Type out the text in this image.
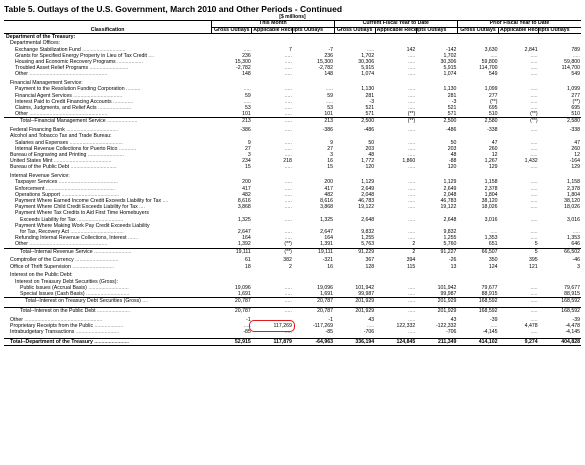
Table 5. Outlays of the U.S. Government, March 2010 and Other Periods - Continued
[$ millions]									
Classification	This Month			Current Fiscal Year to Date			Prior Fiscal Year to Date		
	Gross Outlays	Applicable Receipts	Outlays	Gross Outlays	Applicable Receipts	Outlays	Gross Outlays	Applicable Receipts	Outlays
Department of the Treasury:									
Departmental Offices:									
Exchange Stabilization Fund ..............................	.....	7	-7	.....	142	-142	3,630	2,841	789
Grants for Specified Energy Property in Lieu of Tax Credit ....	236	.....	236	1,702	.....	1,702	.....	.....	.....
Housing and Economic Recovery Programs ..................	15,300	.....	15,300	30,306	.....	30,306	59,800	.....	59,800
Troubled Asset Relief Programs ...........................	-2,782	.....	-2,782	5,915	.....	5,915	114,700	.....	114,700
Other ......................................................	148	.....	148	1,074	.....	1,074	549	.....	549

Financial Management Service:									
Payment to the Resolution Funding Corporation ..........	.....	.....	.....	1,130	.....	1,130	1,099	.....	1,099
Financial Agent Services ..................................	59	.....	59	281	.....	281	277	.....	277
Interest Paid to Credit Financing Accounts ..............	.....	.....	.....	-3	.....	-3	(**)	.....	(**)
Claims, Judgments, and Relief Acts .......................	53	.....	53	521	.....	521	695	.....	695
Other ......................................................	101	.....	101	571	(**)	571	510	(**)	510
Total--Financial Management Service .....................	213	.....	213	2,500	(**)	2,500	2,580	(**)	2,580

Federal Financing Bank ....................................	-386	.....	-386	-486	.....	-486	-338	.....	-338
Alcohol and Tobacco Tax and Trade Bureau:									
Salaries and Expenses .....................................	9	.....	9	50	.....	50	47	.....	47
Internal Revenue Collections for Puerto Rico ............	27	.....	27	203	.....	203	260	.....	260
Bureau of Engraving and Printing .........................	3	.....	3	48	.....	48	12	.....	12
United States Mint ........................................	234	218	16	1,772	1,860	-88	1,267	1,432	-164
Bureau of the Public Debt ................................	15	.....	15	120	.....	120	129	.....	129

Internal Revenue Service:									
Taxpayer Services .........................................	200	.....	200	1,129	.....	1,129	1,158	.....	1,158
Enforcement ................................................	417	.....	417	2,649	.....	2,649	2,378	.....	2,378
Operations Support ........................................	482	.....	482	2,048	.....	2,048	1,804	.....	1,804
Payment Where Earned Income Credit Exceeds Liability for Tax ....	8,616	.....	8,616	46,783	.....	46,783	38,120	.....	38,120
Payment Where Child Credit Exceeds Liability for Tax ....	3,868	.....	3,868	19,122	.....	19,122	18,026	.....	18,026
Payment Where Tax Credits to Aid First Time Homebuyers									
Exceeds Liability for Tax ................................	1,325	.....	1,325	2,648	.....	2,648	3,016	.....	3,016
Payment Where Making Work Pay Credit Exceeds Liability									
for Tax, Recovery Act .....................................	2,647	.....	2,647	9,832	.....	9,832	.....	.....	.....
Refunding Internal Revenue Collections, Interest .......	164	.....	164	1,255	.....	1,255	1,353	.....	1,353
Other ......................................................	1,392	(**)	1,391	5,763	2	5,760	651	5	646
Total--Internal Revenue Service ..........................	19,111	(**)	19,111	91,229	2	91,227	66,507	5	66,502

Comptroller of the Currency ..............................	61	382	-321	367	394	-26	350	395	-46
Office of Thrift Supervision .............................	18	2	16	128	115	13	124	121	3

Interest on the Public Debt:									
Interest on Treasury Debt Securities (Gross):									
Public Issues (Accrual Basis) ............................	19,096	.....	19,096	101,942	.....	101,942	79,677	.....	79,677
Special Issues (Cash Basis) ..............................	1,691	.....	1,691	99,987	.....	99,987	88,915	.....	88,915
Total--Interest on Treasury Debt Securities (Gross) ....	20,787	.....	20,787	201,929	.....	201,929	168,592	.....	168,592

Total--Interest on the Public Debt .......................	20,787	.....	20,787	201,929	.....	201,929	168,592	.....	168,592

Other ......................................................	-1	.....	-1	43	.....	43	-39	.....	-39
Proprietary Receipts from the Public ....................	.....	117,269	-117,269	.....	122,332	-122,332	.....	4,478	-4,478
Intrabudgetary Transactions ..............................	-85	.....	-85	-706	.....	-706	-4,145	.....	-4,145

Total--Department of the Treasury ........................	52,915	117,879	-64,963	336,194	124,845	211,349	414,102	9,274	404,828
